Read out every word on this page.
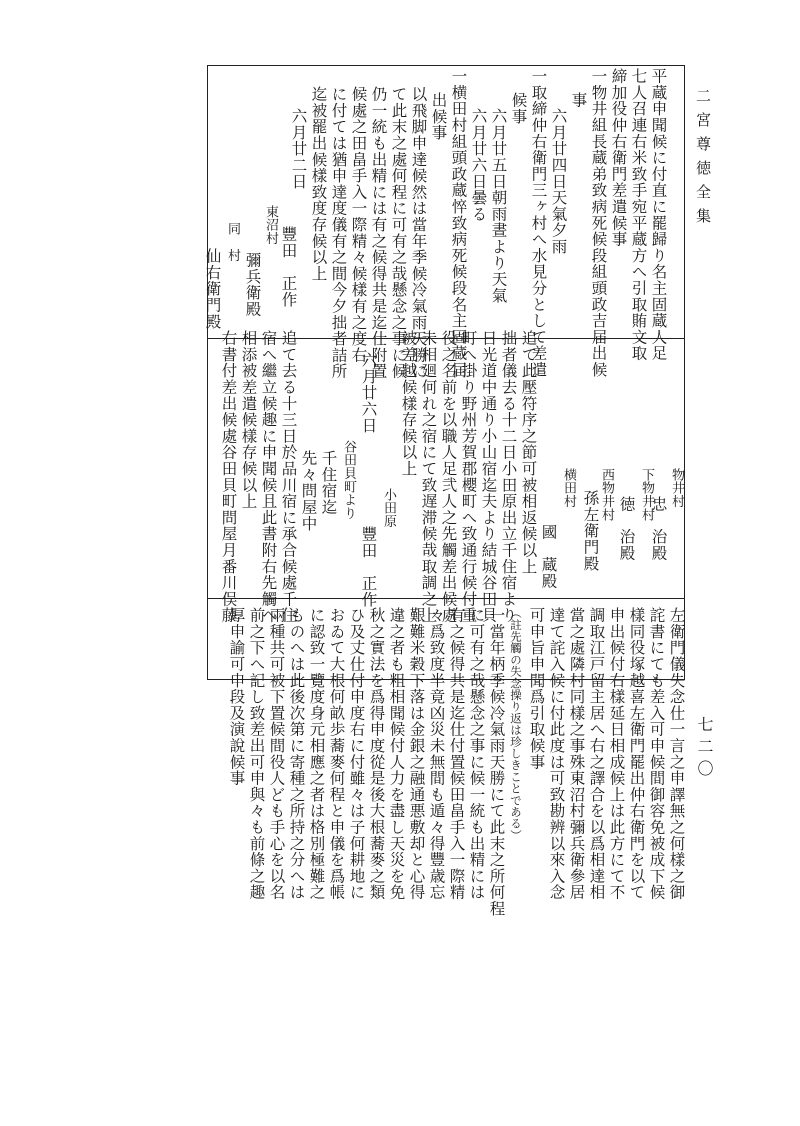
二宮尊徳全集
七二〇
平蔵申聞候に付直に罷歸り名主固蔵人足
七人召連右米致手宛平蔵方へ引取賄文取
締加役仲右衛門差遣候事
一物井組長蔵弟致病死候段組頭政吉届出候
事
六月廿四日天氣夕雨
一取締仲右衛門三ヶ村へ水見分として差遣
候事
六月廿五日朝雨晝より天氣
六月廿六日曇る
一横田村組頭政蔵悴致病死候段名主固蔵届
出候事
以飛脚申達候然は當年季候冷氣雨天勝に
て此末之處何程に可有之哉懸念之事に候
仍一統も出精には有之候得共是迄仕附置
候處之田畠手入一際精々候樣有之度右
に付ては猶申達度儀有之間今夕拙者詰所
迄被罷出候樣致度存候以上
六月廿二日
豐田　正作
東沼村
彌兵衛殿
同　村
仙右衛門殿
物井村
忠　治殿
下物井村
徳　治殿
西物井村
孫左衛門殿
横田村
國　蔵殿
追て此壓符序之節可被相返候以上
拙者儀去る十二日小田原出立千住宿より
日光道中通り小山宿迄夫より結城谷田貝
町へ掛り野州芳賀郡櫻町へ致通行候付重
役之名前を以職人足弐人之先觸差出候處
未相廻何れ之宿にて致遅滞候哉取調之上
被差越候樣存候以上
小田原
六月廿六日
豐田　正作
谷田貝町より
千住宿迄
先々問屋中
追て去る十三日於品川宿に承合候處千住
宿へ繼立候趣に申聞候且此書附右先觸へ
相添被差遣候樣存候以上
右書付差出候處谷田貝町問屋月番川俣藤
左衛門儀失念仕一言之申譯無之何樣之御
詫書にても差入可申候間御容免被成下候
樣同役塚越喜左衛門罷出仲右衛門を以て
申出候付右樣延日相成候上は此方にて不
調取江戸留主居へ右之譯合を以爲相達相
當之處隣村同樣之事殊東沼村彌兵衛參居
達て詫入候に付此度は可致勘辨以來入念
可申旨申聞爲引取候事
（註先觸の失念操り返は珍しきことである）
一當年柄季候冷氣雨天勝にて此末之所何程
に可有之哉懸念之事に候一統も出精には
有之候得共是迄仕付置候田畠手入一際精
々爲致度半竟凶災未無間も遁々得豐歳忘
艱難米穀下落は金銀之融通悪敷却と心得
違之者も粗相聞候付人力を盡し天災を免
秋之實法を爲得申度從是後大根蕎麥之類
ひ及丈仕付申度右に付雖々は子何耕地に
おゐて大根何畝歩蕎麥何程と申儀を爲帳
に認致一覽度身元相應之者は格別極難之
ものへは此後次第に寄種之所持之分へは
兩種共可被下置候間役人ども手心を以名
前之下へ記し致差出可申與々も前條之趣
厚申諭可申段及演說候事
